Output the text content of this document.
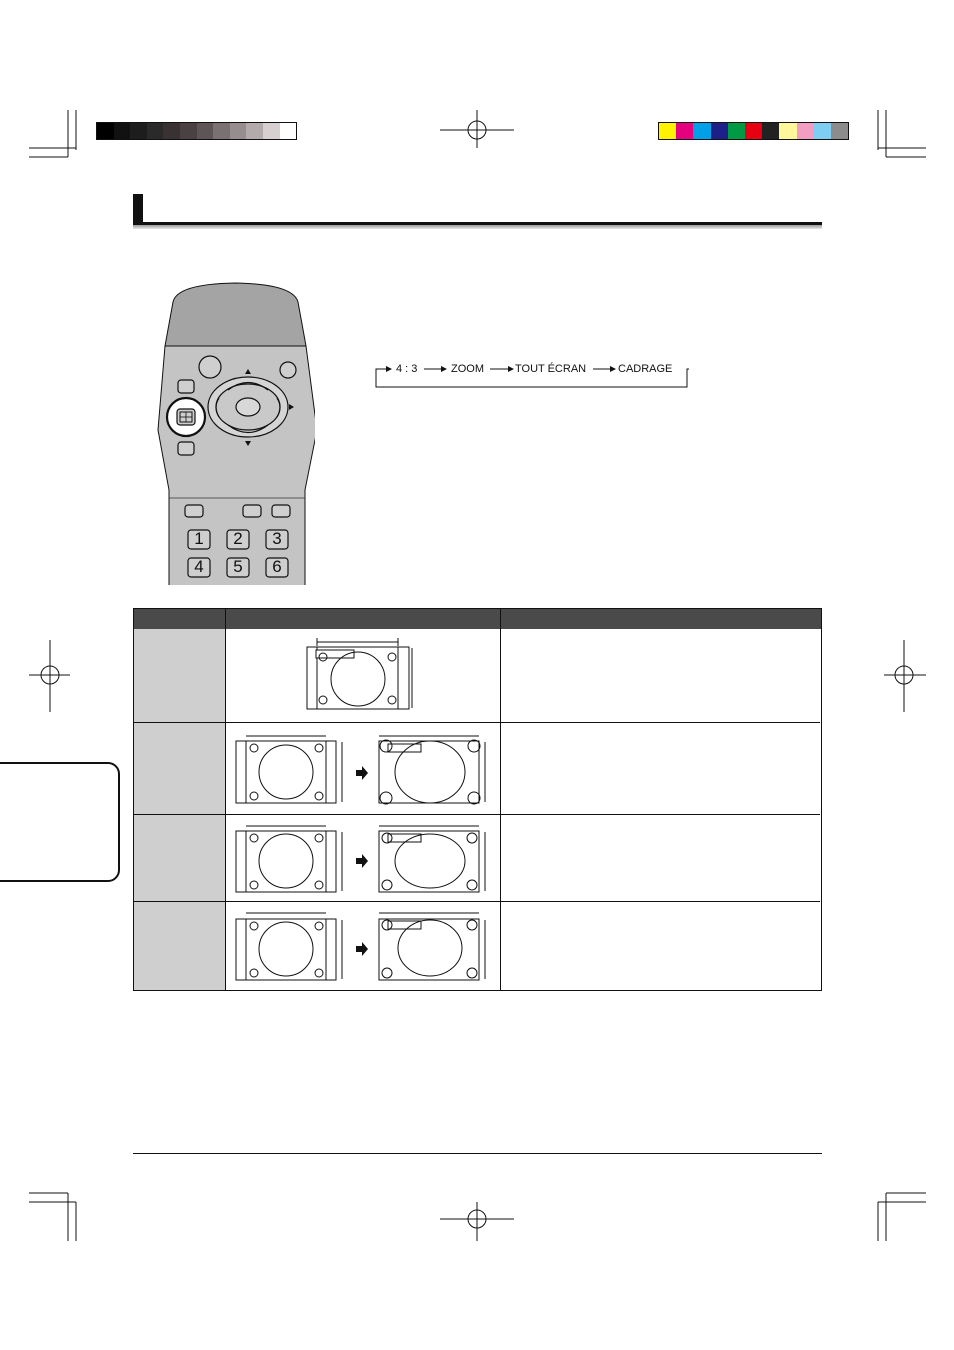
1	2	3
4	5	6
4 : 3	ZOOM	TOUT ÉCRAN	CADRAGE
